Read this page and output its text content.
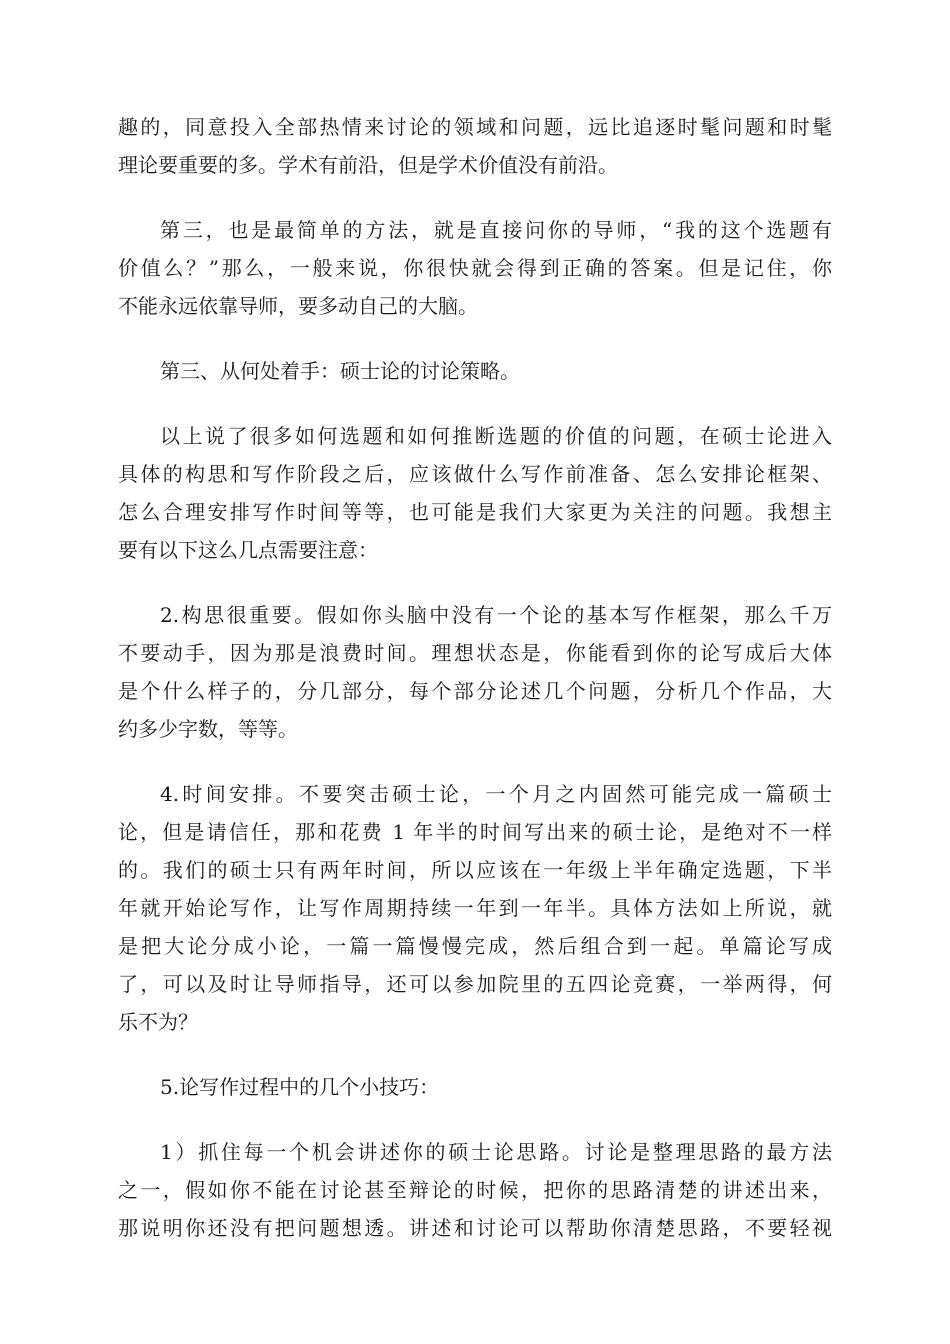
趣的，同意投入全部热情来讨论的领域和问题，远比追逐时髦问题和时髦
理论要重要的多。学术有前沿，但是学术价值没有前沿。
第三，也是最简单的方法，就是直接问你的导师，“我的这个选题有
价值么？”那么，一般来说，你很快就会得到正确的答案。但是记住，你
不能永远依靠导师，要多动自己的大脑。
第三、从何处着手：硕士论的讨论策略。
以上说了很多如何选题和如何推断选题的价值的问题，在硕士论进入
具体的构思和写作阶段之后，应该做什么写作前准备、怎么安排论框架、
怎么合理安排写作时间等等，也可能是我们大家更为关注的问题。我想主
要有以下这么几点需要注意：
2.构思很重要。假如你头脑中没有一个论的基本写作框架，那么千万
不要动手，因为那是浪费时间。理想状态是，你能看到你的论写成后大体
是个什么样子的，分几部分，每个部分论述几个问题，分析几个作品，大
约多少字数，等等。
4.时间安排。不要突击硕士论，一个月之内固然可能完成一篇硕士
论，但是请信任，那和花费 1 年半的时间写出来的硕士论，是绝对不一样
的。我们的硕士只有两年时间，所以应该在一年级上半年确定选题，下半
年就开始论写作，让写作周期持续一年到一年半。具体方法如上所说，就
是把大论分成小论，一篇一篇慢慢完成，然后组合到一起。单篇论写成
了，可以及时让导师指导，还可以参加院里的五四论竞赛，一举两得，何
乐不为？
5.论写作过程中的几个小技巧：
1）抓住每一个机会讲述你的硕士论思路。讨论是整理思路的最方法
之一，假如你不能在讨论甚至辩论的时候，把你的思路清楚的讲述出来，
那说明你还没有把问题想透。讲述和讨论可以帮助你清楚思路，不要轻视
